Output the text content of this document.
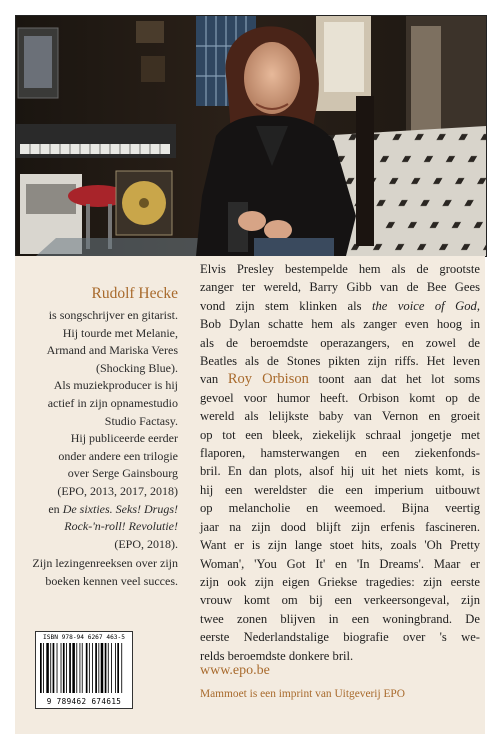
Rudolf Hecke
is songschrijver en gitarist.
Hij tourde met Melanie,
Armand and Mariska Veres
(Shocking Blue).
Als muziekproducer is hij
actief in zijn opnamestudio
Studio Factasy.
Hij publiceerde eerder
onder andere een trilogie
over Serge Gainsbourg
(EPO, 2013, 2017, 2018)
en De sixties. Seks! Drugs!
Rock-'n-roll! Revolutie!
(EPO, 2018).
Zijn lezingenreeksen over zijn
boeken kennen veel succes.
Elvis Presley bestempelde hem als de grootste
zanger ter wereld, Barry Gibb van de Bee Gees
vond zijn stem klinken als the voice of God,
Bob Dylan schatte hem als zanger even hoog in
als de beroemdste operazangers, en zowel de
Beatles als de Stones pikten zijn riffs. Het leven
van Roy Orbison toont aan dat het lot soms
gevoel voor humor heeft. Orbison komt op de
wereld als lelijkste baby van Vernon en groeit
op tot een bleek, ziekelijk schraal jongetje met
flaporen, hamsterwangen en een ziekenfonds-
bril. En dan plots, alsof hij uit het niets komt, is
hij een wereldster die een imperium uitbouwt
op melancholie en weemoed. Bijna veertig
jaar na zijn dood blijft zijn erfenis fascineren.
Want er is zijn lange stoet hits, zoals 'Oh Pretty
Woman', 'You Got It' en 'In Dreams'. Maar er
zijn ook zijn eigen Griekse tragedies: zijn eerste
vrouw komt om bij een verkeersongeval, zijn
twee zonen blijven in een woningbrand. De
eerste Nederlandstalige biografie over 's we-
relds beroemdste donkere bril.
www.epo.be
Mammoet is een imprint van Uitgeverij EPO
ISBN 978-94 6267 463-5
9 789462 674615
